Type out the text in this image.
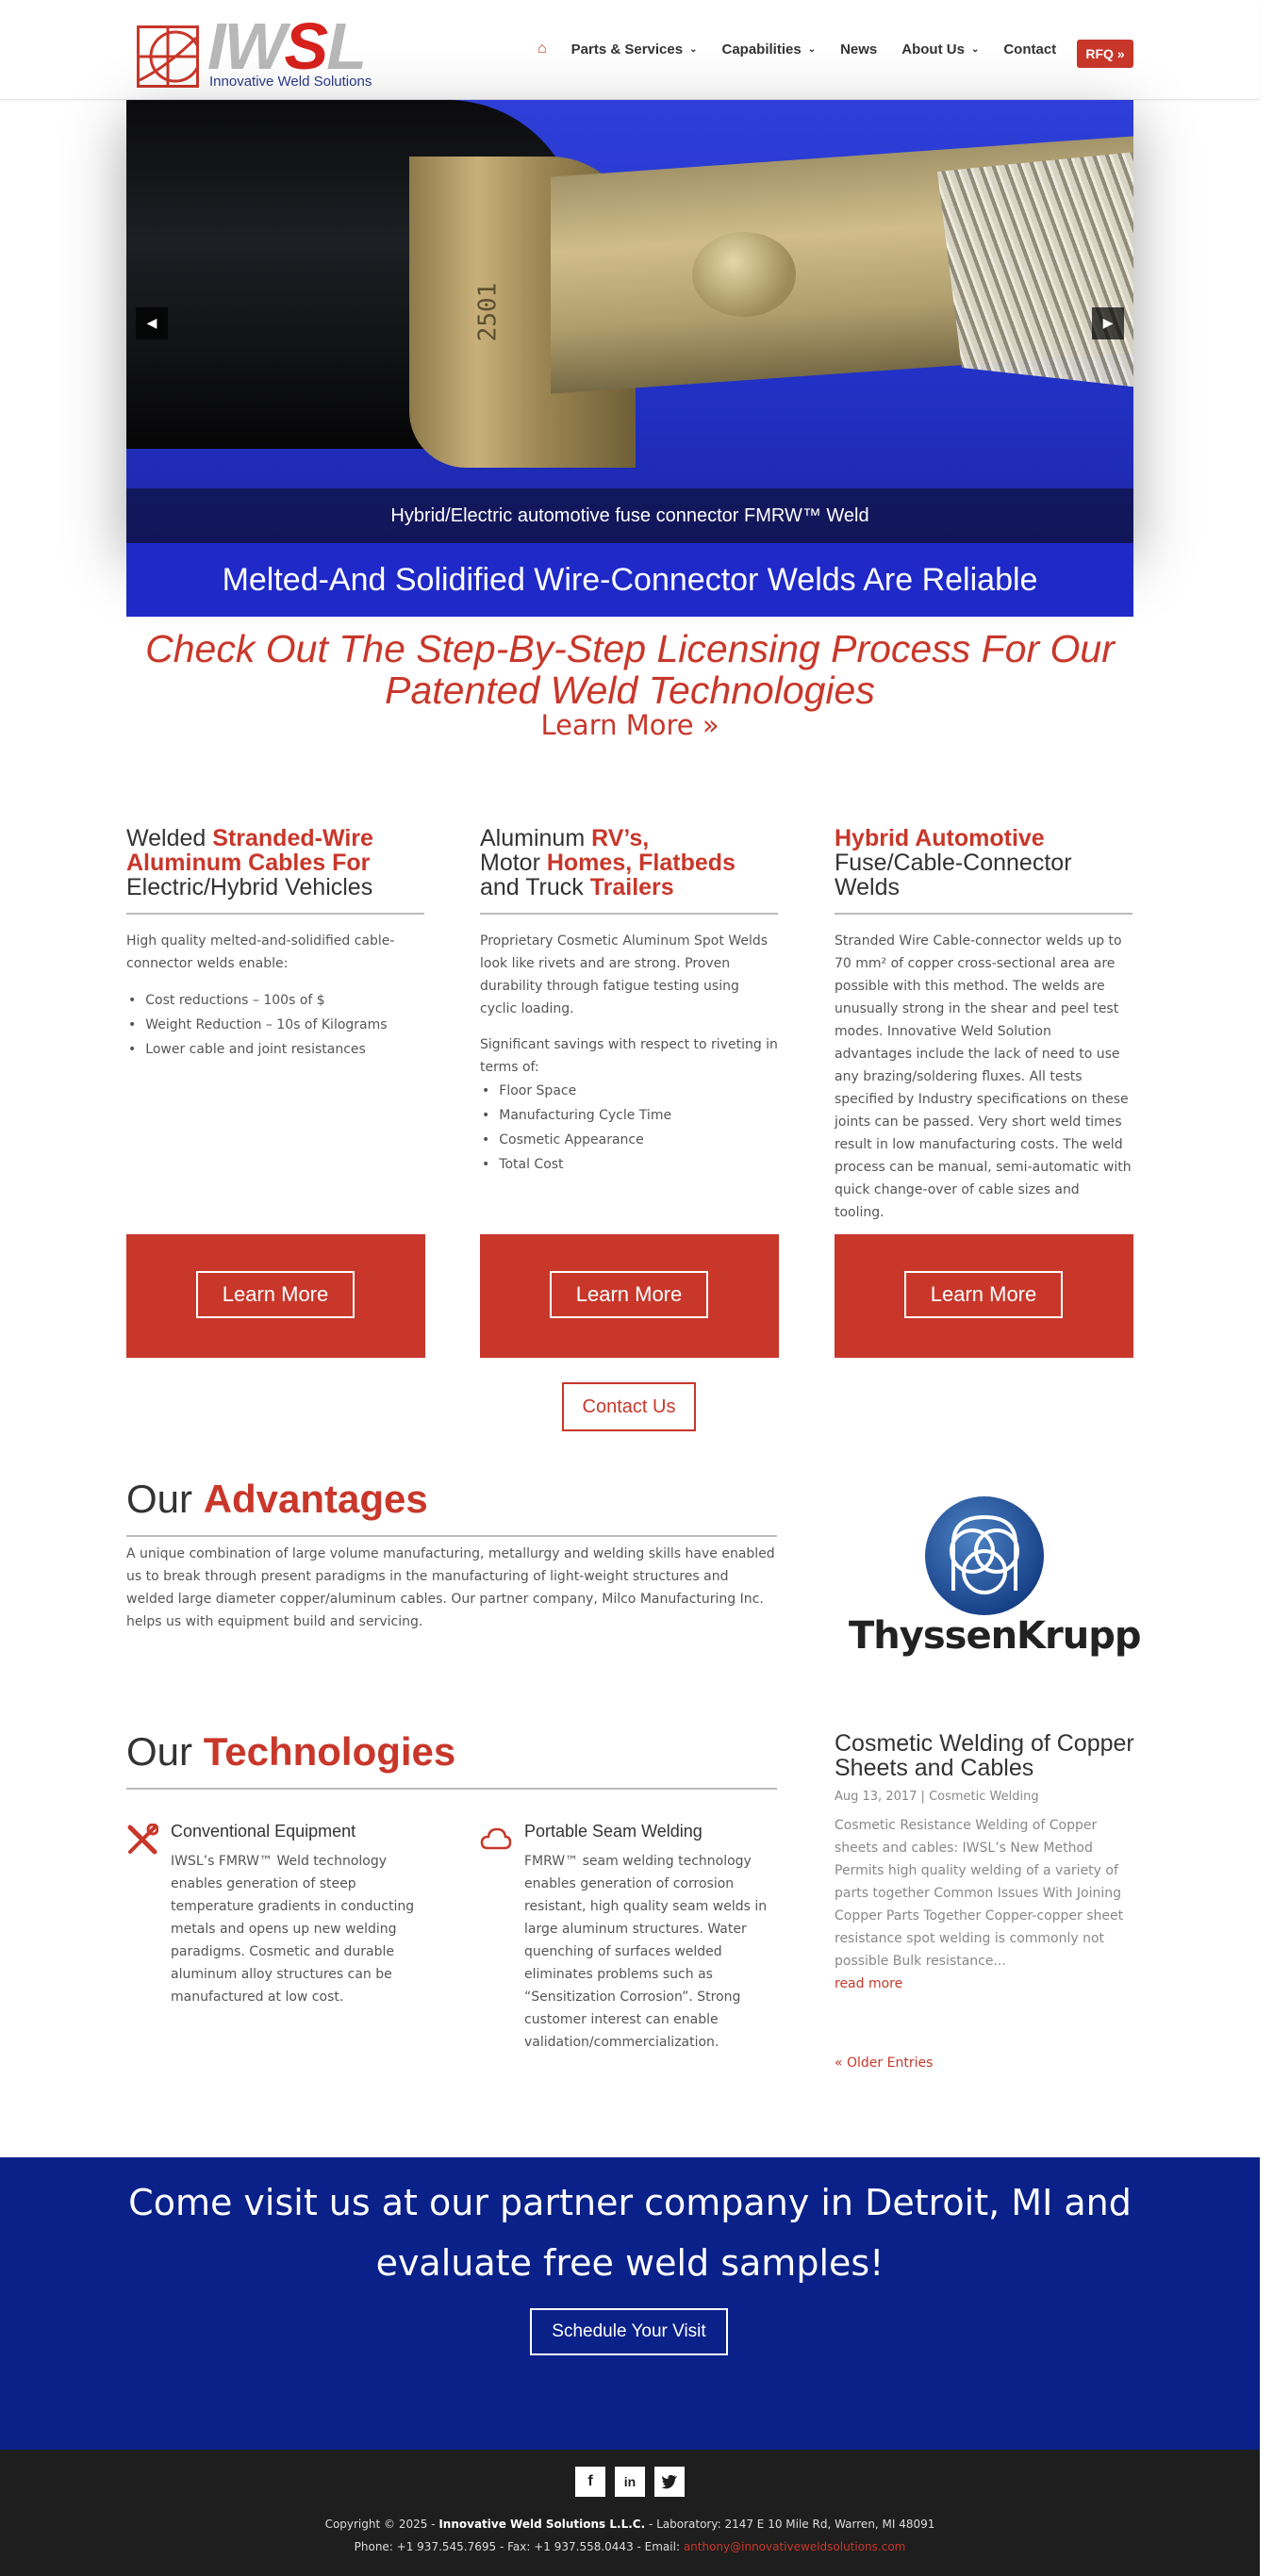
IWSL
Innovative Weld Solutions
⌂ Parts & Services ⌄ Capabilities ⌄ News About Us ⌄ Contact	RFQ »
2501
◀	▶
Hybrid/Electric automotive fuse connector FMRW™ Weld
Melted-And Solidified Wire-Connector Welds Are Reliable
Check Out The Step-By-Step Licensing Process For Our Patented Weld Technologies
Learn More »
Welded Stranded-Wire Aluminum Cables For Electric/Hybrid Vehicles

High quality melted-and-solidified cable-connector welds enable:

• Cost reductions – 100s of $
• Weight Reduction – 10s of Kilograms
• Lower cable and joint resistances
Aluminum RV’s,
Motor Homes, Flatbeds
and Truck Trailers

Proprietary Cosmetic Aluminum Spot Welds look like rivets and are strong. Proven durability through fatigue testing using cyclic loading.

Significant savings with respect to riveting in terms of:

• Floor Space
• Manufacturing Cycle Time
• Cosmetic Appearance
• Total Cost
Hybrid Automotive
Fuse/Cable-Connector Welds

Stranded Wire Cable-connector welds up to 70 mm² of copper cross-sectional area are possible with this method. The welds are unusually strong in the shear and peel test modes. Innovative Weld Solution advantages include the lack of need to use any brazing/soldering fluxes. All tests specified by Industry specifications on these joints can be passed. Very short weld times result in low manufacturing costs. The weld process can be manual, semi-automatic with quick change-over of cable sizes and tooling.

Learn More	Learn More	Learn More
Contact Us
Our Advantages
A unique combination of large volume manufacturing, metallurgy and welding skills have enabled us to break through present paradigms in the manufacturing of light-weight structures and welded large diameter copper/aluminum cables. Our partner company, Milco Manufacturing Inc. helps us with equipment build and servicing.	ThyssenKrupp
Our Technologies
Conventional Equipment
IWSL’s FMRW™ Weld technology enables generation of steep temperature gradients in conducting metals and opens up new welding paradigms. Cosmetic and durable aluminum alloy structures can be manufactured at low cost.
Portable Seam Welding
FMRW™ seam welding technology enables generation of corrosion resistant, high quality seam welds in large aluminum structures. Water quenching of surfaces welded eliminates problems such as “Sensitization Corrosion”. Strong customer interest can enable validation/commercialization.
Cosmetic Welding of Copper Sheets and Cables
Aug 13, 2017 | Cosmetic Welding
Cosmetic Resistance Welding of Copper sheets and cables: IWSL’s New Method Permits high quality welding of a variety of parts together Common Issues With Joining Copper Parts Together Copper-copper sheet resistance spot welding is commonly not possible Bulk resistance...
read more
« Older Entries
Come visit us at our partner company in Detroit, MI and evaluate free weld samples!
Schedule Your Visit
f	in
Copyright © 2025 - Innovative Weld Solutions L.L.C. - Laboratory: 2147 E 10 Mile Rd, Warren, MI 48091
Phone: +1 937.545.7695 - Fax: +1 937.558.0443 - Email: anthony@innovativeweldsolutions.com
